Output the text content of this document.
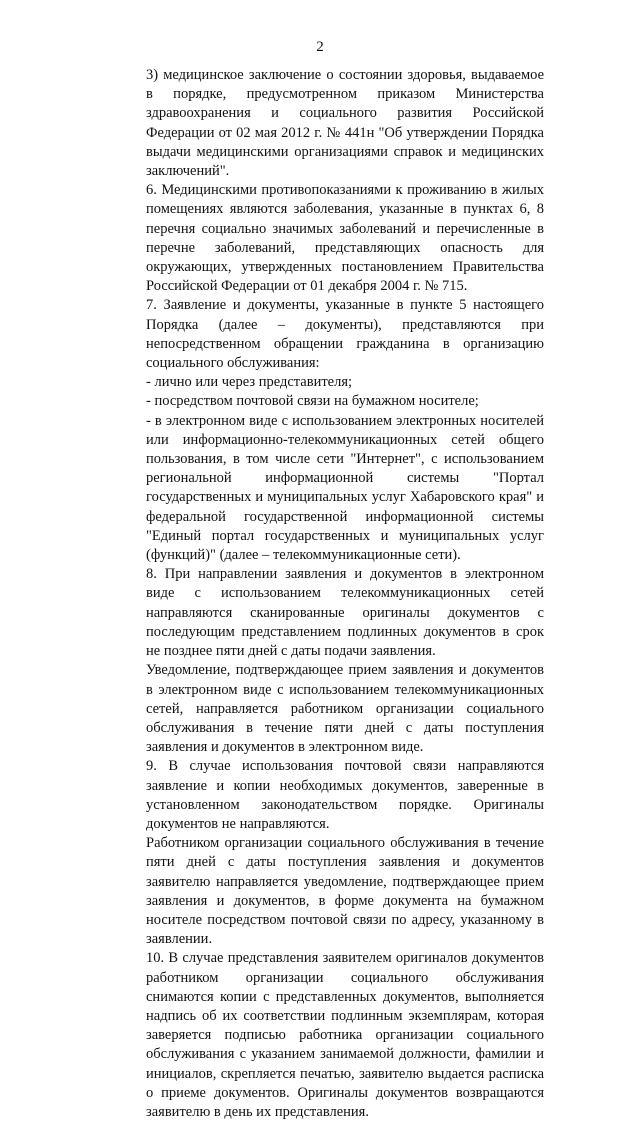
2

3) медицинское заключение о состоянии здоровья, выдаваемое в порядке, предусмотренном приказом Министерства здравоохранения и социального развития Российской Федерации от 02 мая 2012 г. № 441н "Об утверждении Порядка выдачи медицинскими организациями справок и медицинских заключений".

6. Медицинскими противопоказаниями к проживанию в жилых помещениях являются заболевания, указанные в пунктах 6, 8 перечня социально значимых заболеваний и перечисленные в перечне заболеваний, представляющих опасность для окружающих, утвержденных постановлением Правительства Российской Федерации от 01 декабря 2004 г. № 715.

7. Заявление и документы, указанные в пункте 5 настоящего Порядка (далее – документы), представляются при непосредственном обращении гражданина в организацию социального обслуживания:

- лично или через представителя;

- посредством почтовой связи на бумажном носителе;

- в электронном виде с использованием электронных носителей или информационно-телекоммуникационных сетей общего пользования, в том числе сети "Интернет", с использованием региональной информационной системы "Портал государственных и муниципальных услуг Хабаровского края" и федеральной государственной информационной системы "Единый портал государственных и муниципальных услуг (функций)" (далее – телекоммуникационные сети).

8. При направлении заявления и документов в электронном виде с использованием телекоммуникационных сетей направляются сканированные оригиналы документов с последующим представлением подлинных документов в срок не позднее пяти дней с даты подачи заявления.

Уведомление, подтверждающее прием заявления и документов в электронном виде с использованием телекоммуникационных сетей, направляется работником организации социального обслуживания в течение пяти дней с даты поступления заявления и документов в электронном виде.

9. В случае использования почтовой связи направляются заявление и копии необходимых документов, заверенные в установленном законодательством порядке. Оригиналы документов не направляются.

Работником организации социального обслуживания в течение пяти дней с даты поступления заявления и документов заявителю направляется уведомление, подтверждающее прием заявления и документов, в форме документа на бумажном носителе посредством почтовой связи по адресу, указанному в заявлении.

10. В случае представления заявителем оригиналов документов работником организации социального обслуживания снимаются копии с представленных документов, выполняется надпись об их соответствии подлинным экземплярам, которая заверяется подписью работника организации социального обслуживания с указанием занимаемой должности, фамилии и инициалов, скрепляется печатью, заявителю выдается расписка о приеме документов. Оригиналы документов возвращаются заявителю в день их представления.
